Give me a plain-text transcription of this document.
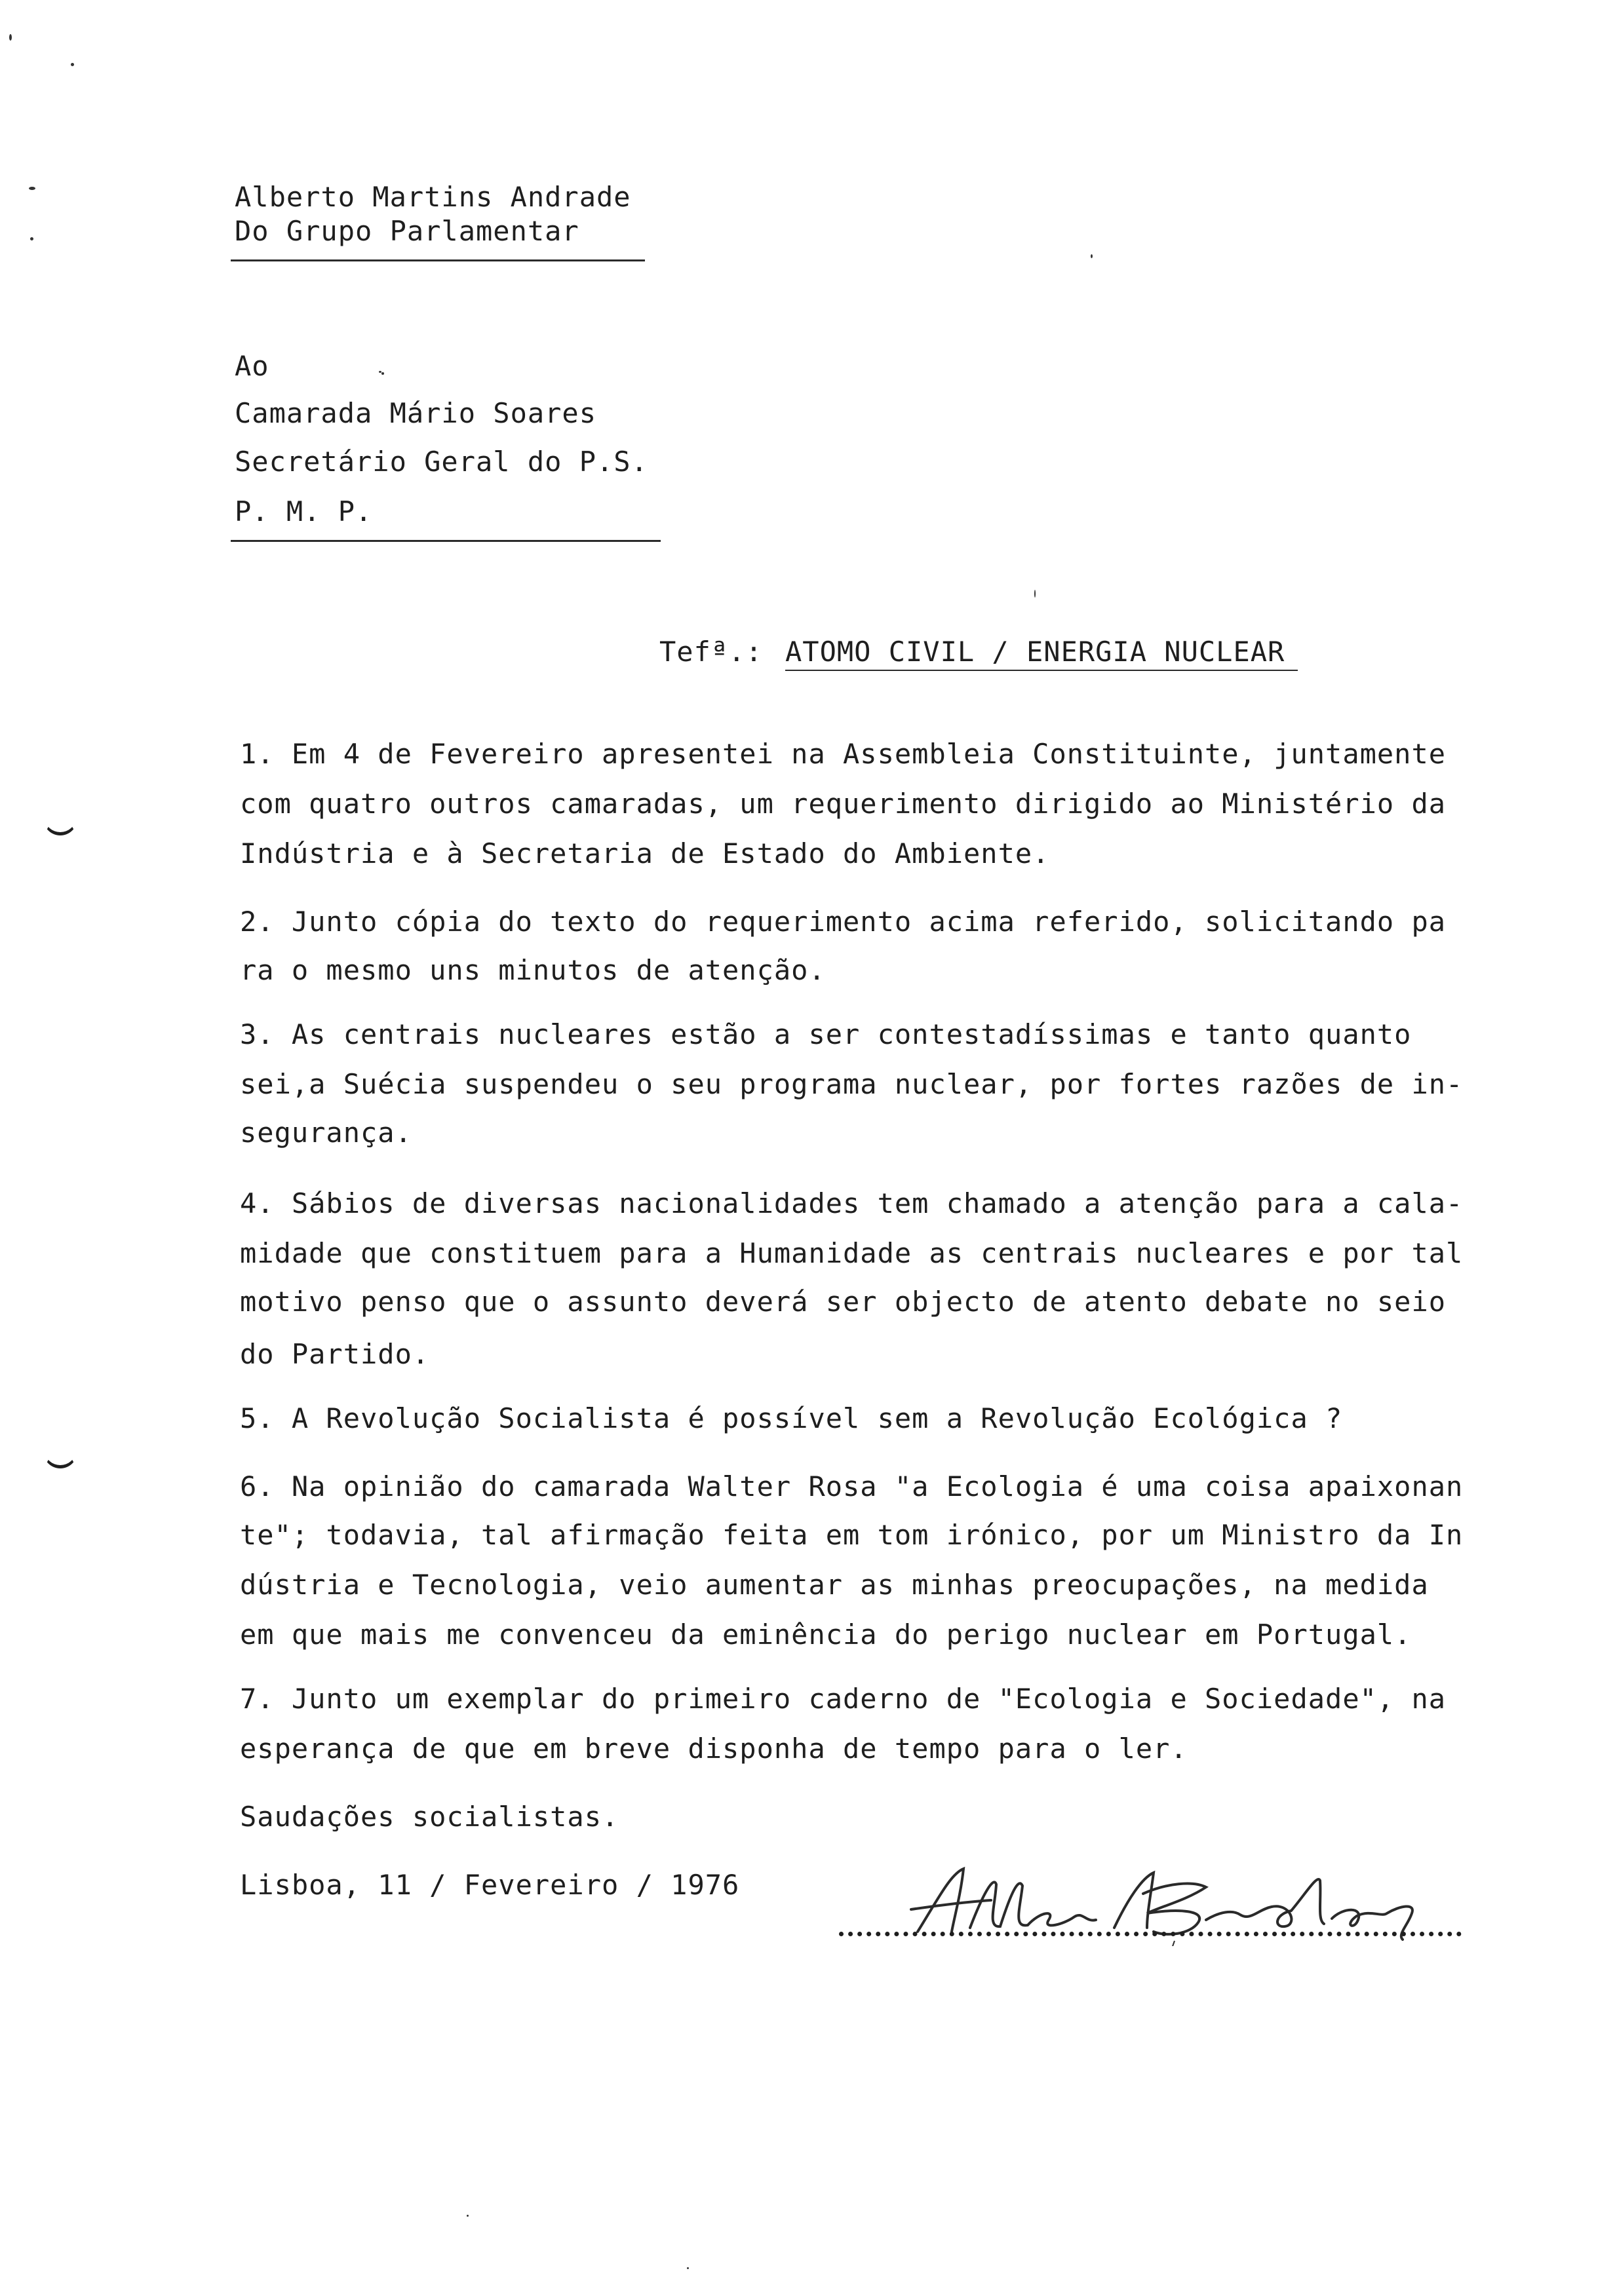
Alberto Martins Andrade
Do Grupo Parlamentar
Ao
Camarada Mário Soares
Secretário Geral do P.S.
P. M. P.
Tefª.: ATOMO CIVIL / ENERGIA NUCLEAR
1. Em 4 de Fevereiro apresentei na Assembleia Constituinte, juntamente
com quatro outros camaradas, um requerimento dirigido ao Ministério da
Indústria e à Secretaria de Estado do Ambiente.
2. Junto cópia do texto do requerimento acima referido, solicitando pa
ra o mesmo uns minutos de atenção.
3. As centrais nucleares estão a ser contestadíssimas e tanto quanto
sei,a Suécia suspendeu o seu programa nuclear, por fortes razões de in-
segurança.
4. Sábios de diversas nacionalidades tem chamado a atenção para a cala-
midade que constituem para a Humanidade as centrais nucleares e por tal
motivo penso que o assunto deverá ser objecto de atento debate no seio
do Partido.
5. A Revolução Socialista é possível sem a Revolução Ecológica ?
6. Na opinião do camarada Walter Rosa "a Ecologia é uma coisa apaixonan
te"; todavia, tal afirmação feita em tom irónico, por um Ministro da In
dústria e Tecnologia, veio aumentar as minhas preocupações, na medida
em que mais me convenceu da eminência do perigo nuclear em Portugal.
7. Junto um exemplar do primeiro caderno de "Ecologia e Sociedade", na
esperança de que em breve disponha de tempo para o ler.
Saudações socialistas.
Lisboa, 11 / Fevereiro / 1976
